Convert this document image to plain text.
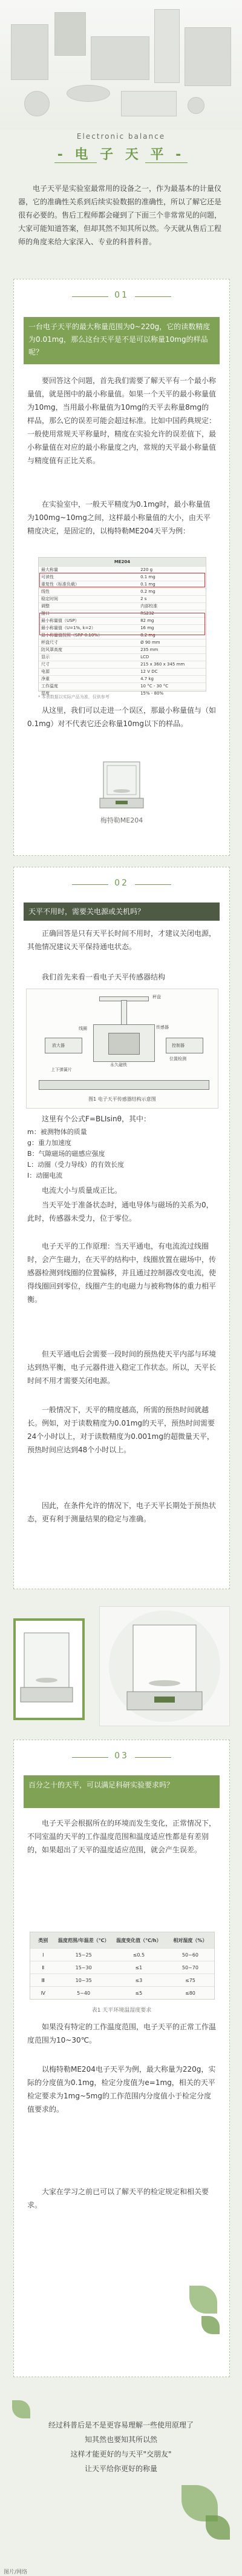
Electronic balance
- 电 子 天 平 -
电子天平是实验室最常用的设备之一，作为最基本的计量仪器，它的准确性关系到后续实验数据的准确性，所以了解它还是很有必要的。售后工程师都会碰到了下面三个非常常见的问题，大家可能知道答案，但却其然不知其所以然。今天就从售后工程师的角度来给大家深入、专业的科普科普。
01
一台电子天平的最大称量范围为0~220g，它的读数精度为0.01mg，那么这台天平是不是可以称量10mg的样品呢？
要回答这个问题，首先我们需要了解天平有一个最小称量值，就是图中的最小称量值。如果一个天平的最小称量值为10mg，当用最小称量值为10mg的天平去称量8mg的样品，那么它的误差可能会超过标准。比如中国药典规定：一般使用常规天平称量时，精度在实验允许的误差值下，最小称量值在对应的最小称量度之内，常规的天平最小称量值与精度值有正比关系。
在实验室中，一般天平精度为0.1mg时，最小称量值为100mg~10mg之间，这样最小称量值的大小，由天平精度决定，是固定的，以梅特勒ME204天平为例：
ME204
最大称量	220 g
可读性	0.1 mg
重复性（标准负载）	0.1 mg
线性	0.2 mg
稳定时间	2 s
调整	内部校准
接口	RS232
最小称量值（USP）	82 mg
最小称量值（U=1%, k=2）	16 mg
最小称量值按照（SRP 0.10%）	8.2 mg
秤盘尺寸	Ø 90 mm
防风罩高度	235 mm
显示	LCD
尺寸	215 x 360 x 345 mm
电源	12 V DC
净重	4.7 kg
工作温度	10 °C - 30 °C
湿度	15% - 80%
* 本表数据以实际产品为准，仅供参考
从这里，我们可以走进一个误区，那最小称量值与（如0.1mg）对不代表它还会称量10mg以下的样品。
梅特勒ME204
02
天平不用时，需要关电源或关机吗？
正确回答是只有天平长时间不用时，才建议关闭电源，其他情况建议天平保持通电状态。
我们首先来看一看电子天平传感器结构
秤盘
传感器
线圈
永久磁铁
上下弹簧片
位置检测
控制器
放大器
图1 电子天平传感器结构示意图
这里有个公式F=BLIsinθ，其中：
m：被测物体的质量
g：重力加速度
B：气隙磁场的磁感应强度
L：动圈（受力导线）的有效长度
I：动圈电流
电流大小与质量成正比。
当天平处于准备状态时，通电导体与磁场的关系为0，此时，传感器未受力，位于零位。
电子天平的工作原理：当天平通电，有电流流过线圈时，会产生磁力，在天平的结构中，线圈放置在磁场中，传感器检测到线圈的位置偏移，并且通过控制器改变电流，使得线圈回到零位，线圈产生的电磁力与被称物体的重力相平衡。
但天平通电后会需要一段时间的预热使天平内部与环境达到热平衡，电子元器件进入稳定工作状态。所以，天平长时间不用才需要关闭电源。
一般情况下，天平的精度越高，所需的预热时间就越长。例如，对于读数精度为0.01mg的天平，预热时间需要24个小时以上，对于读数精度为0.001mg的超微量天平，预热时间应达到48个小时以上。
因此，在条件允许的情况下，电子天平长期处于预热状态，更有利于测量结果的稳定与准确。
03
百分之十的天平，可以满足科研实验要求吗？
电子天平会根据所在的环境而发生变化，正常情况下，不同室温的天平的工作温度范围和温度适应性都是有差别的，如果超出了天平的温度适应范围，就会产生误差。
类别	温度范围/年温差（℃）	温度变化值（℃/h）	相对湿度（%）
Ⅰ	15~25	≤0.5	50~60
Ⅱ	15~30	≤1	50~70
Ⅲ	10~35	≤3	≤75
Ⅳ	5~40	≤5	≤80
表1 天平环境温湿度要求
如果没有特定的工作温度范围，电子天平的正常工作温度范围为10~30℃。
以梅特勒ME204电子天平为例，最大称量为220g，实际的分度值为0.1mg，检定分度值为e=1mg，相关的天平检定要求为1mg~5mg的工作范围内分度值小于检定分度值要求的。
大家在学习之前已可以了解天平的检定规定和相关要求。
经过科普后是不是更容易理解一些使用原理了
知其然也要知其所以然
这样才能更好的与天平"交朋友"
让天平给你更好的称量
图片/网络
